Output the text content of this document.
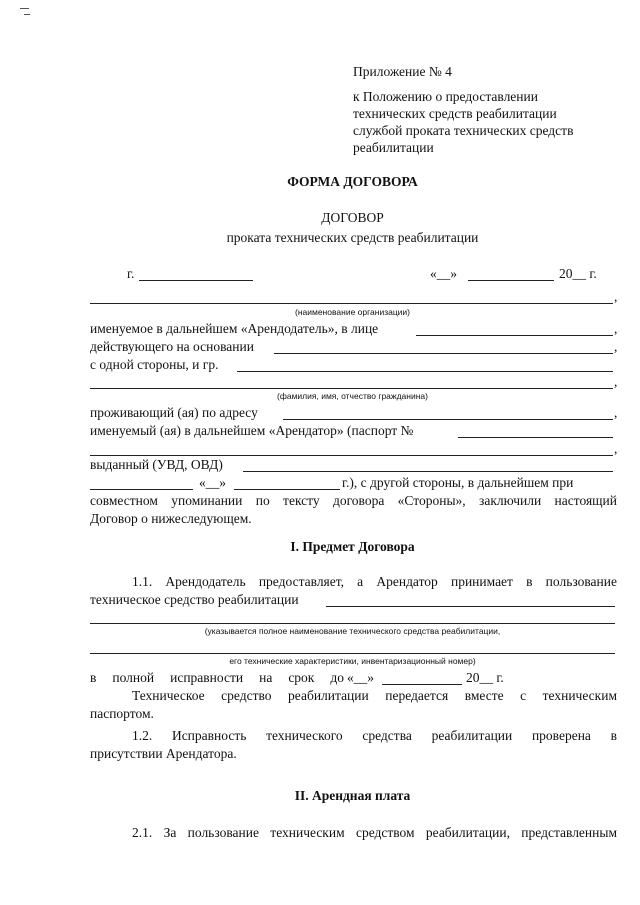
Приложение № 4
к Положению о предоставлении
технических средств реабилитации
службой проката технических средств
реабилитации
ФОРМА ДОГОВОРА
ДОГОВОР
проката технических средств реабилитации
г.	«__»	20__ г.
,
(наименование организации)
именуемое в дальнейшем «Арендодатель», в лице	,
действующего на основании	,
с одной стороны, и гр.
,
(фамилия, имя, отчество гражданина)
проживающий (ая) по адресу	,
именуемый (ая) в дальнейшем «Арендатор» (паспорт №
,
выданный (УВД, ОВД)
«__»	г.), с другой стороны, в дальнейшем при
совместном упоминании по тексту договора «Стороны», заключили настоящий
Договор о нижеследующем.
I. Предмет Договора
1.1. Арендодатель предоставляет, а Арендатор принимает в пользование
техническое средство реабилитации
(указывается полное наименование технического средства реабилитации,
его технические характеристики, инвентаризационный номер)
в полной исправности на срок до «__»	20__ г.
Техническое средство реабилитации передается вместе с техническим
паспортом.
1.2. Исправность технического средства реабилитации проверена в
присутствии Арендатора.
II. Арендная плата
2.1. За пользование техническим средством реабилитации, представленным
